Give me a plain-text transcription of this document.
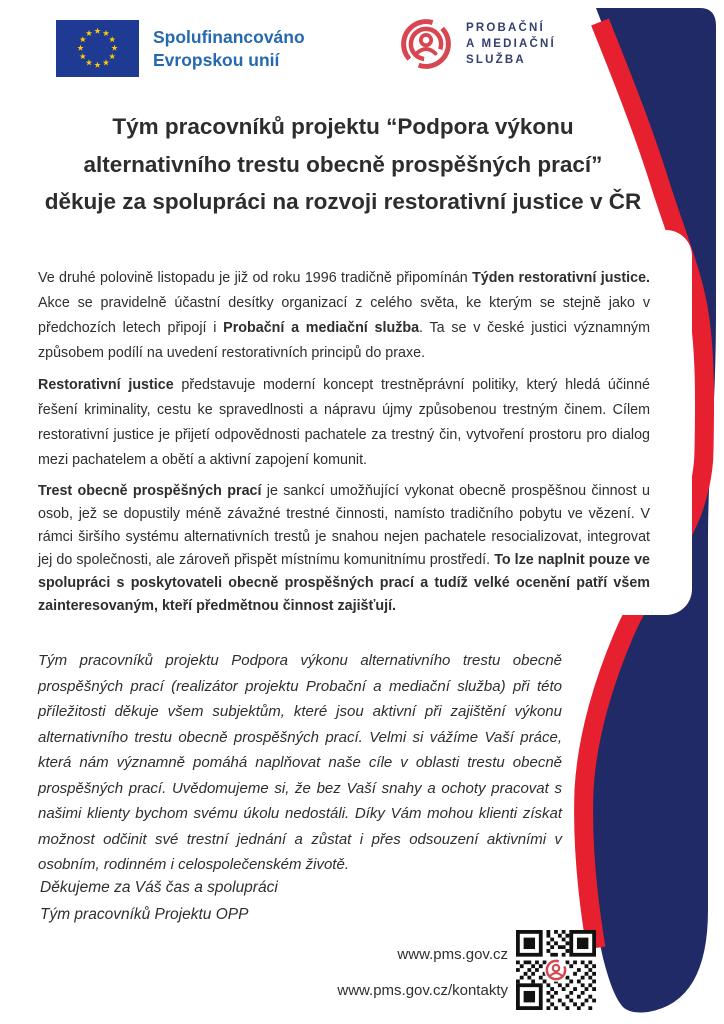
Spolufinancováno
Evropskou unií
PROBAČNÍ
A MEDIAČNÍ
SLUŽBA
Tým pracovníků projektu “Podpora výkonu
alternativního trestu obecně prospěšných prací”
děkuje za spolupráci na rozvoji restorativní justice v ČR

Ve druhé polovině listopadu je již od roku 1996 tradičně připomínán Týden restorativní justice. Akce se pravidelně účastní desítky organizací z celého světa, ke kterým se stejně jako v předchozích letech připojí i Probační a mediační služba. Ta se v české justici významným způsobem podílí na uvedení restorativních principů do praxe.

Restorativní justice představuje moderní koncept trestněprávní politiky, který hledá účinné řešení kriminality, cestu ke spravedlnosti a nápravu újmy způsobenou trestným činem. Cílem restorativní justice je přijetí odpovědnosti pachatele za trestný čin, vytvoření prostoru pro dialog mezi pachatelem a obětí a aktivní zapojení komunit.

Trest obecně prospěšných prací je sankcí umožňující vykonat obecně prospěšnou činnost u osob, jež se dopustily méně závažné trestné činnosti, namísto tradičního pobytu ve vězení. V rámci širšího systému alternativních trestů je snahou nejen pachatele resocializovat, integrovat jej do společnosti, ale zároveň přispět místnímu komunitnímu prostředí. To lze naplnit pouze ve spolupráci s poskytovateli obecně prospěšných prací a tudíž velké ocenění patří všem zainteresovaným, kteří předmětnou činnost zajišťují.

Tým pracovníků projektu Podpora výkonu alternativního trestu obecně prospěšných prací (realizátor projektu Probační a mediační služba) při této příležitosti děkuje všem subjektům, které jsou aktivní při zajištění výkonu alternativního trestu obecně prospěšných prací. Velmi si vážíme Vaší práce, která nám významně pomáhá naplňovat naše cíle v oblasti trestu obecně prospěšných prací. Uvědomujeme si, že bez Vaší snahy a ochoty pracovat s našimi klienty bychom svému úkolu nedostáli. Díky Vám mohou klienti získat možnost odčinit své trestní jednání a zůstat i přes odsouzení aktivními v osobním, rodinném i celospolečenském životě.
Děkujeme za Váš čas a spolupráci
Tým pracovníků Projektu OPP
www.pms.gov.cz
www.pms.gov.cz/kontakty
